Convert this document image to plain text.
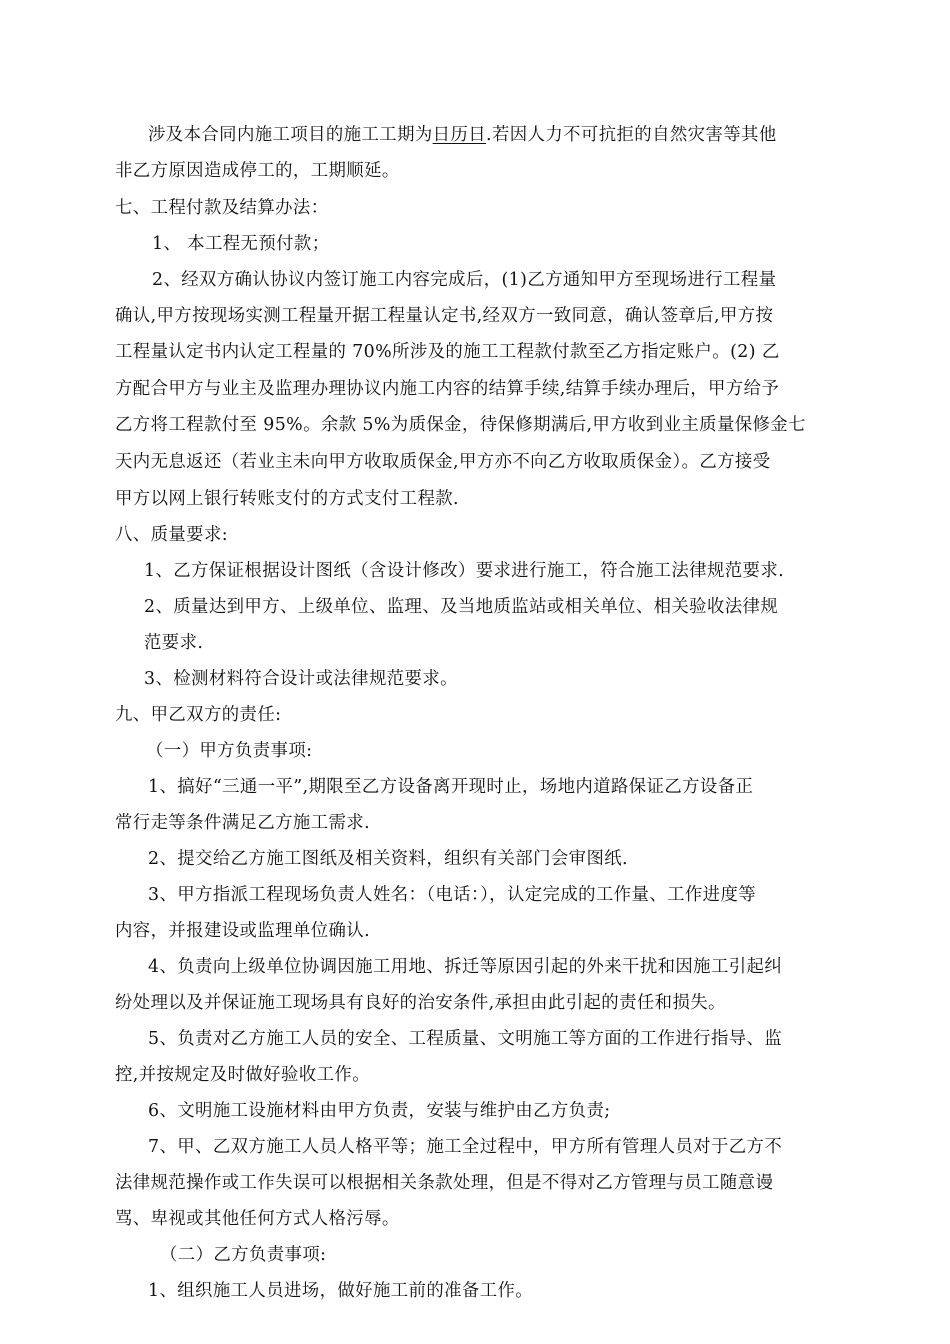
涉及本合同内施工项目的施工工期为日历日.若因人力不可抗拒的自然灾害等其他
非乙方原因造成停工的，工期顺延。
七、工程付款及结算办法：
1、 本工程无预付款；
2、经双方确认协议内签订施工内容完成后，(1)乙方通知甲方至现场进行工程量
确认,甲方按现场实测工程量开据工程量认定书,经双方一致同意，确认签章后,甲方按
工程量认定书内认定工程量的 70%所涉及的施工工程款付款至乙方指定账户。(2) 乙
方配合甲方与业主及监理办理协议内施工内容的结算手续,结算手续办理后，甲方给予
乙方将工程款付至 95%。余款 5%为质保金，待保修期满后,甲方收到业主质量保修金七
天内无息返还（若业主未向甲方收取质保金,甲方亦不向乙方收取质保金）。乙方接受
甲方以网上银行转账支付的方式支付工程款.
八、质量要求:
1、乙方保证根据设计图纸（含设计修改）要求进行施工，符合施工法律规范要求.
2、质量达到甲方、上级单位、监理、及当地质监站或相关单位、相关验收法律规
范要求.
3、检测材料符合设计或法律规范要求。
九、甲乙双方的责任:
（一）甲方负责事项:
1、搞好“三通一平”,期限至乙方设备离开现时止，场地内道路保证乙方设备正
常行走等条件满足乙方施工需求.
2、提交给乙方施工图纸及相关资料，组织有关部门会审图纸.
3、甲方指派工程现场负责人姓名：（电话：），认定完成的工作量、工作进度等
内容，并报建设或监理单位确认.
4、负责向上级单位协调因施工用地、拆迁等原因引起的外来干扰和因施工引起纠
纷处理以及并保证施工现场具有良好的治安条件,承担由此引起的责任和损失。
5、负责对乙方施工人员的安全、工程质量、文明施工等方面的工作进行指导、监
控,并按规定及时做好验收工作。
6、文明施工设施材料由甲方负责，安装与维护由乙方负责;
7、甲、乙双方施工人员人格平等；施工全过程中，甲方所有管理人员对于乙方不
法律规范操作或工作失误可以根据相关条款处理，但是不得对乙方管理与员工随意谩
骂、卑视或其他任何方式人格污辱。
（二）乙方负责事项:
1、组织施工人员进场，做好施工前的准备工作。
